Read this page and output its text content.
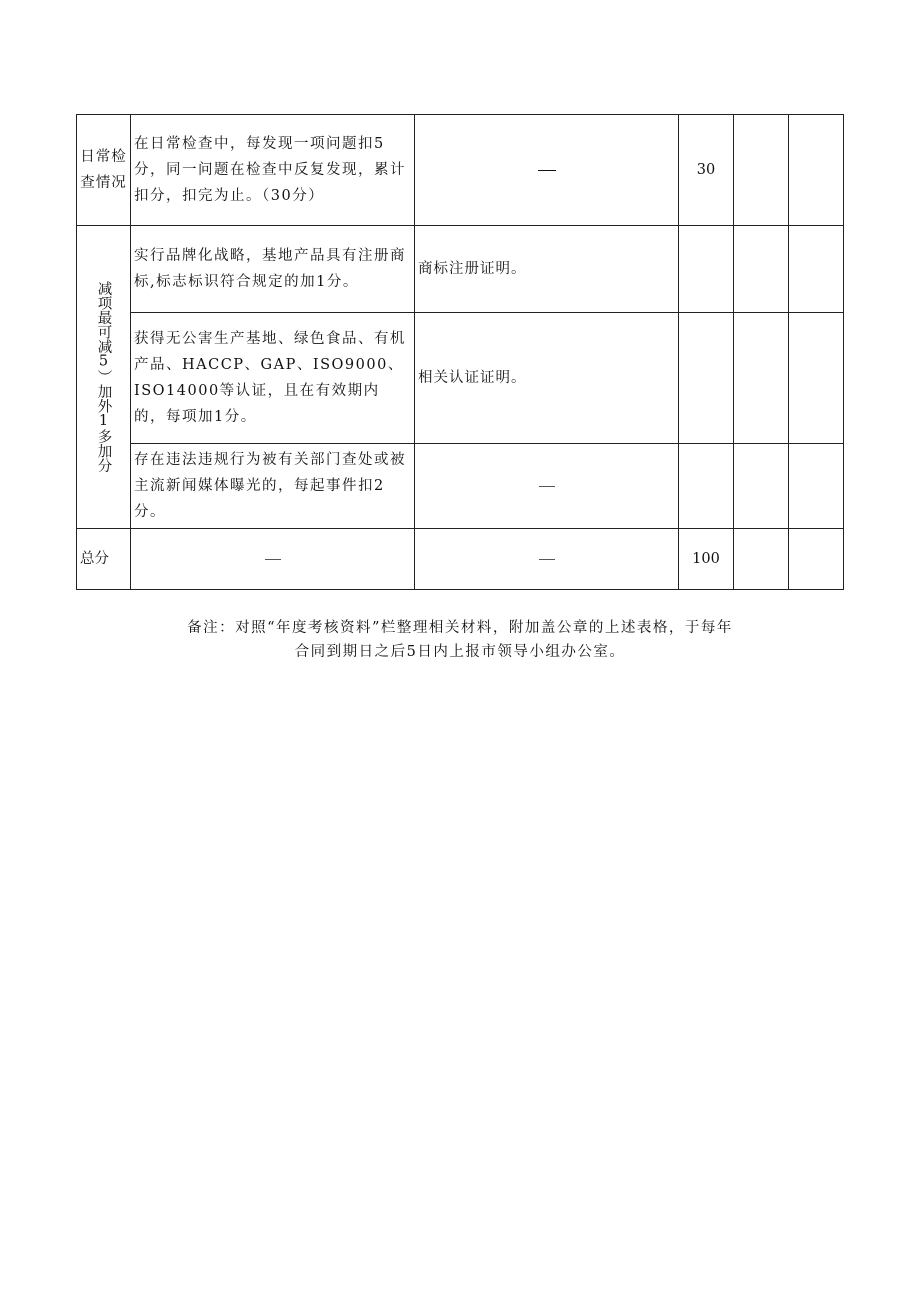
日常检查情况	在日常检查中，每发现一项问题扣5分，同一问题在检查中反复发现，累计扣分，扣完为止。（30分）		30		

减项最可减5）加外1多加分	实行品牌化战略，基地产品具有注册商标,标志标识符合规定的加1分。	商标注册证明。			
	获得无公害生产基地、绿色食品、有机产品、HACCP、GAP、ISO9000、ISO14000等认证，且在有效期内的，每项加1分。	相关认证证明。			
	存在违法违规行为被有关部门查处或被主流新闻媒体曝光的，每起事件扣2分。				
总分			100		
备注：对照“年度考核资料”栏整理相关材料，附加盖公章的上述表格，于每年
合同到期日之后5日内上报市领导小组办公室。
